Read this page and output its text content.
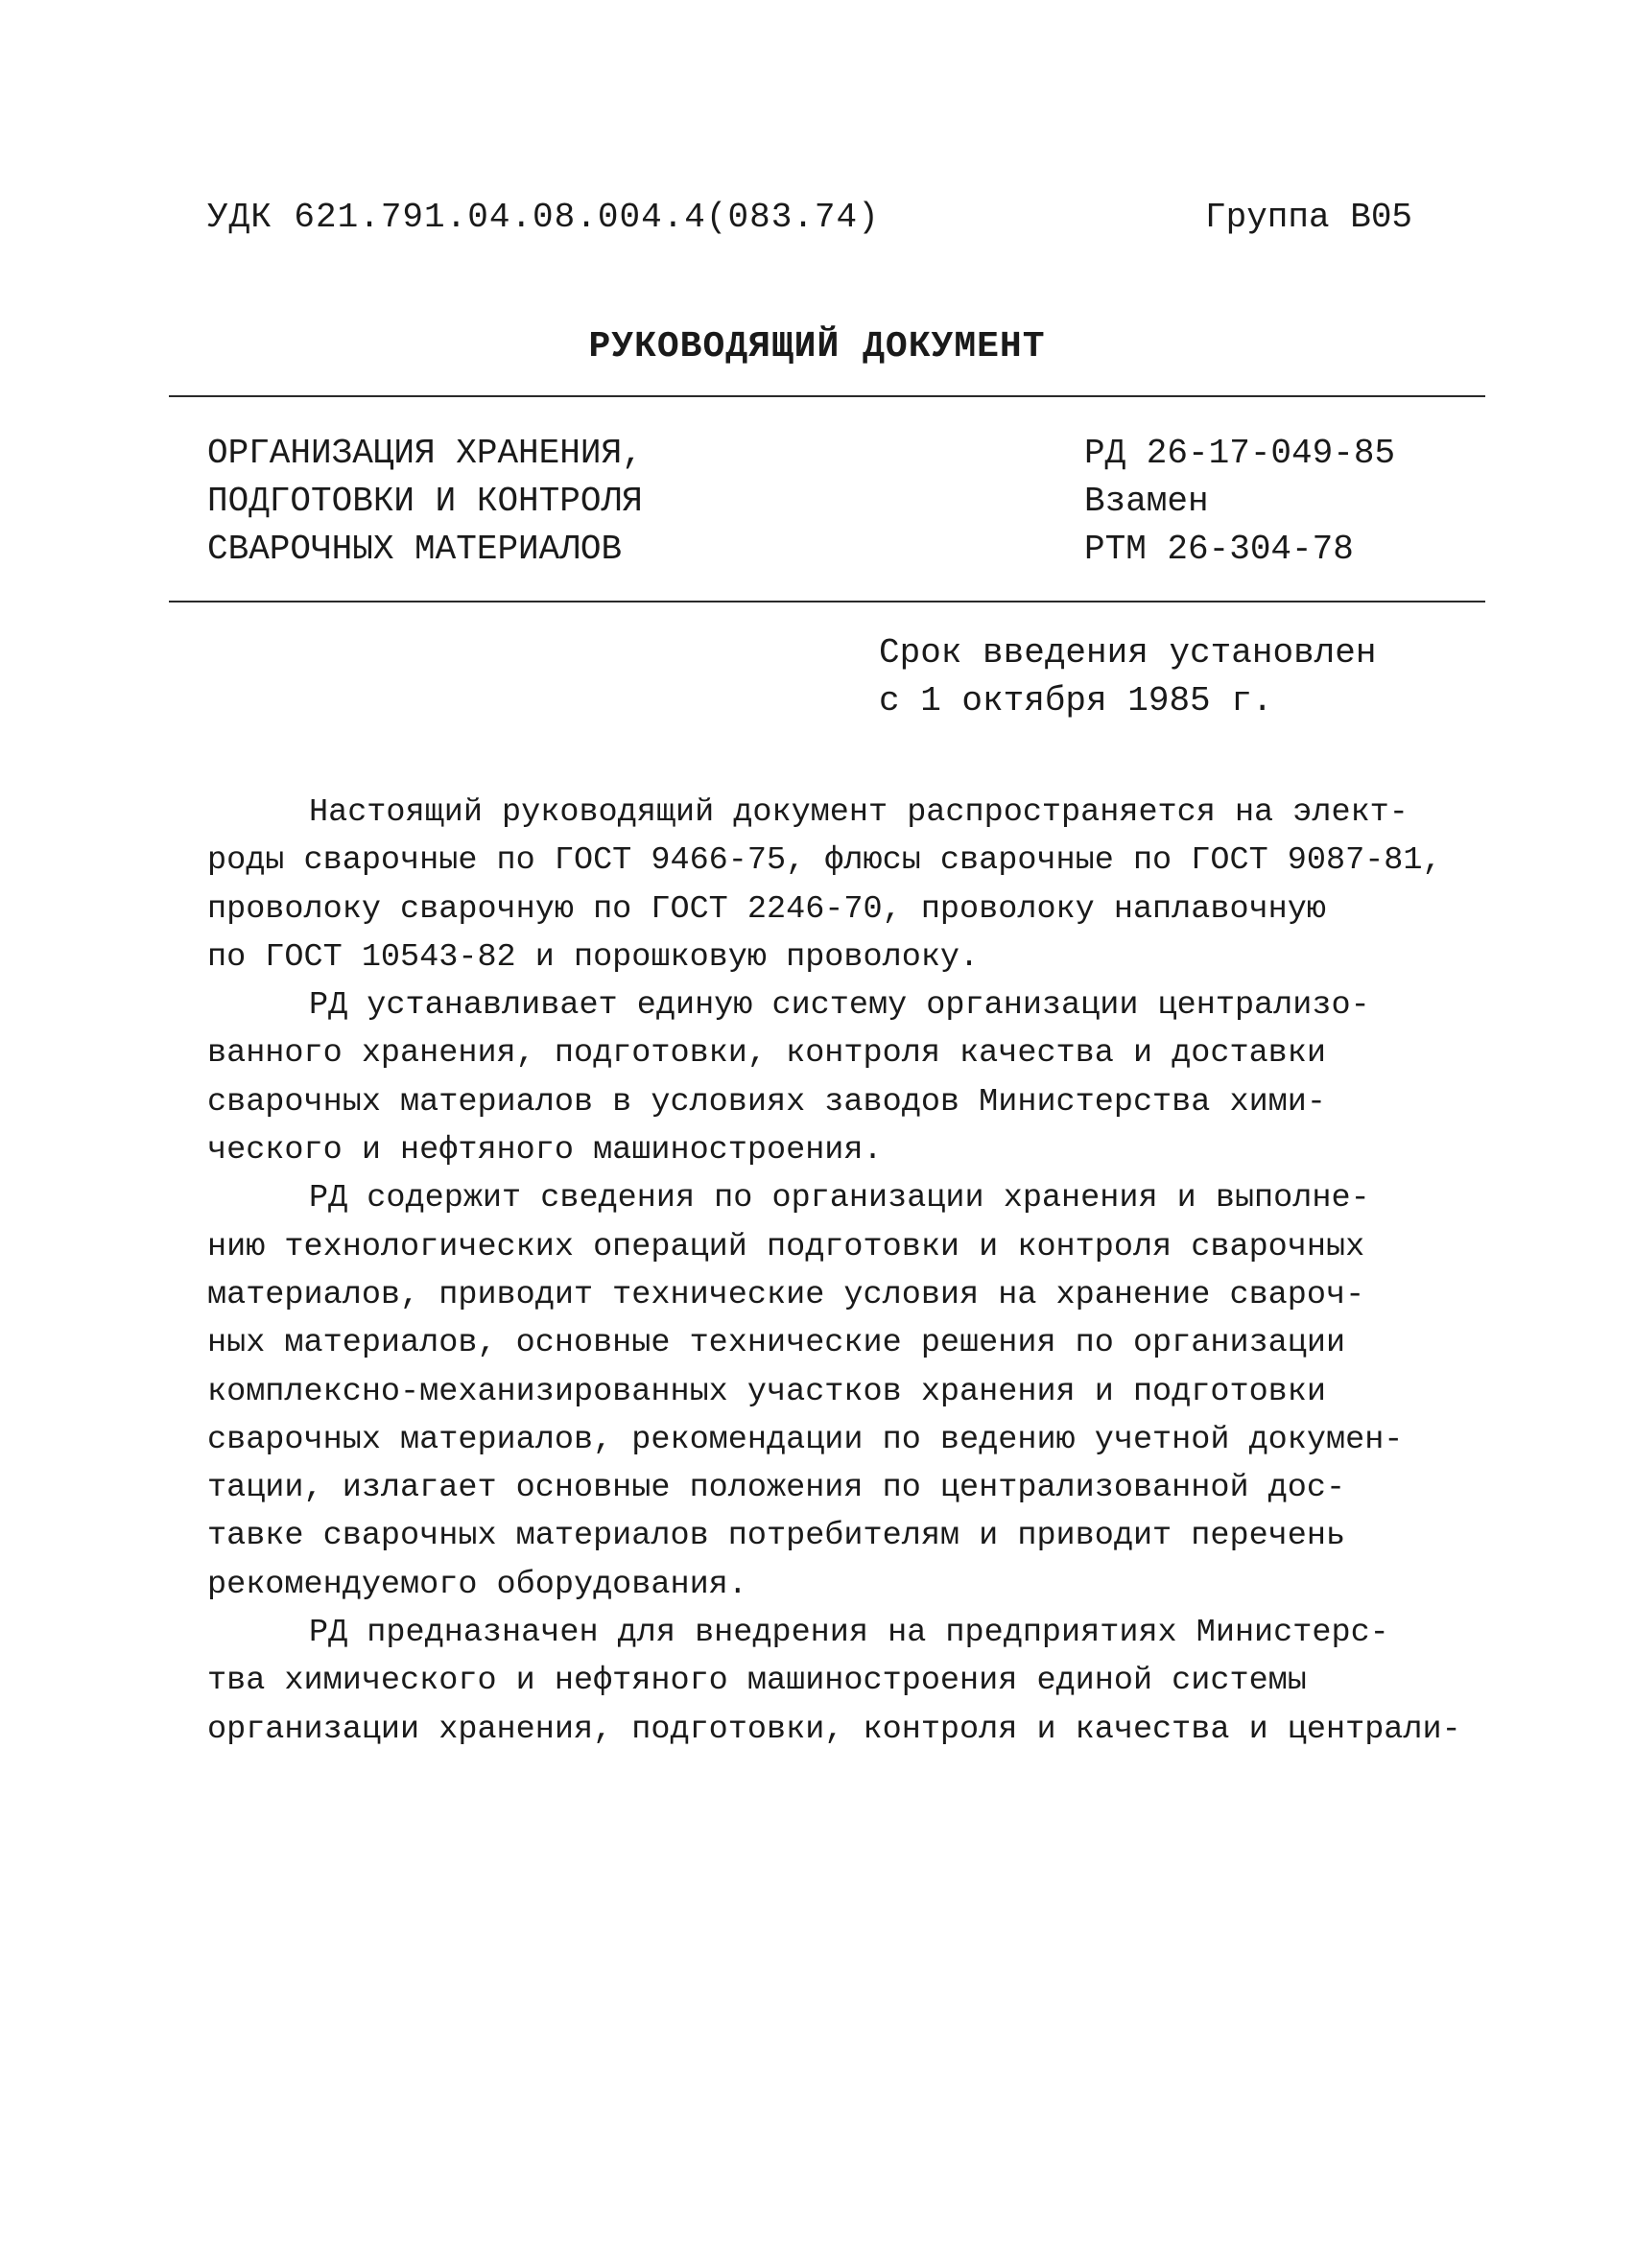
УДК 621.791.04.08.004.4(083.74)	Группа В05
РУКОВОДЯЩИЙ ДОКУМЕНТ
ОРГАНИЗАЦИЯ ХРАНЕНИЯ,
ПОДГОТОВКИ И КОНТРОЛЯ
СВАРОЧНЫХ МАТЕРИАЛОВ
РД 26-17-049-85
Взамен
РТМ 26-304-78
Срок введения установлен
с 1 октября 1985 г.
Настоящий руководящий документ распространяется на элект-
роды сварочные по ГОСТ 9466-75, флюсы сварочные по ГОСТ 9087-81,
проволоку сварочную по ГОСТ 2246-70, проволоку наплавочную
по ГОСТ 10543-82 и порошковую проволоку.
РД устанавливает единую систему организации централизо-
ванного хранения, подготовки, контроля качества и доставки
сварочных материалов в условиях заводов Министерства хими-
ческого и нефтяного машиностроения.
РД содержит сведения по организации хранения и выполне-
нию технологических операций подготовки и контроля сварочных
материалов, приводит технические условия на хранение свароч-
ных материалов, основные технические решения по организации
комплексно-механизированных участков хранения и подготовки
сварочных материалов, рекомендации по ведению учетной докумен-
тации, излагает основные положения по централизованной дос-
тавке сварочных материалов потребителям и приводит перечень
рекомендуемого оборудования.
РД предназначен для внедрения на предприятиях Министерс-
тва химического и нефтяного машиностроения единой системы
организации хранения, подготовки, контроля и качества и централи-
